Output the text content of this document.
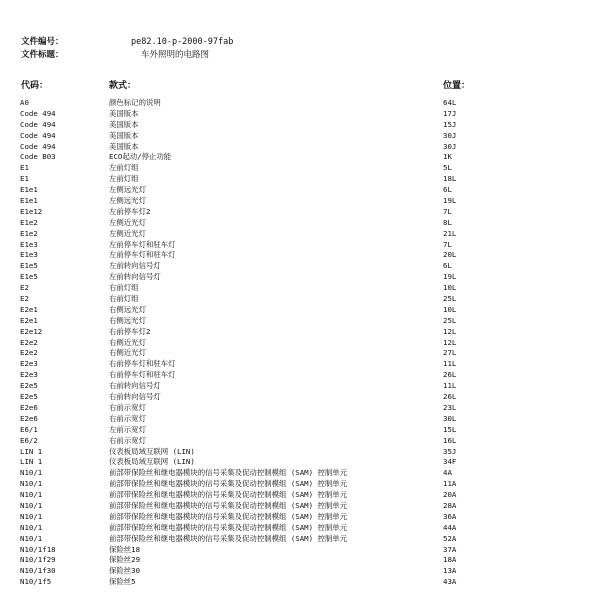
文件编号：	pe82.10-p-2000-97fab
文件标题：	车外照明的电路图
代码：	款式：	位置：
A0	颜色标记的说明	64L
Code 494	美国版本	17J
Code 494	美国版本	15J
Code 494	美国版本	30J
Code 494	美国版本	30J
Code B03	ECO起动/停止功能	1K
E1	左前灯组	5L
E1	左前灯组	18L
E1e1	左侧远光灯	6L
E1e1	左侧远光灯	19L
E1e12	左前停车灯2	7L
E1e2	左侧近光灯	8L
E1e2	左侧近光灯	21L
E1e3	左前停车灯和驻车灯	7L
E1e3	左前停车灯和驻车灯	20L
E1e5	左前转向信号灯	6L
E1e5	左前转向信号灯	19L
E2	右前灯组	10L
E2	右前灯组	25L
E2e1	右侧远光灯	10L
E2e1	右侧远光灯	25L
E2e12	右前停车灯2	12L
E2e2	右侧近光灯	12L
E2e2	右侧近光灯	27L
E2e3	右前停车灯和驻车灯	11L
E2e3	右前停车灯和驻车灯	26L
E2e5	右前转向信号灯	11L
E2e5	右前转向信号灯	26L
E2e6	右前示宽灯	23L
E2e6	右前示宽灯	30L
E6/1	左前示宽灯	15L
E6/2	右前示宽灯	16L
LIN 1	仪表板局域互联网 (LIN)	35J
LIN 1	仪表板局域互联网 (LIN)	34F
N10/1	前部带保险丝和继电器模块的信号采集及促动控制模组 (SAM) 控制单元	4A
N10/1	前部带保险丝和继电器模块的信号采集及促动控制模组 (SAM) 控制单元	11A
N10/1	前部带保险丝和继电器模块的信号采集及促动控制模组 (SAM) 控制单元	20A
N10/1	前部带保险丝和继电器模块的信号采集及促动控制模组 (SAM) 控制单元	28A
N10/1	前部带保险丝和继电器模块的信号采集及促动控制模组 (SAM) 控制单元	36A
N10/1	前部带保险丝和继电器模块的信号采集及促动控制模组 (SAM) 控制单元	44A
N10/1	前部带保险丝和继电器模块的信号采集及促动控制模组 (SAM) 控制单元	52A
N10/1f18	保险丝18	37A
N10/1f29	保险丝29	18A
N10/1f30	保险丝30	13A
N10/1f5	保险丝5	43A
